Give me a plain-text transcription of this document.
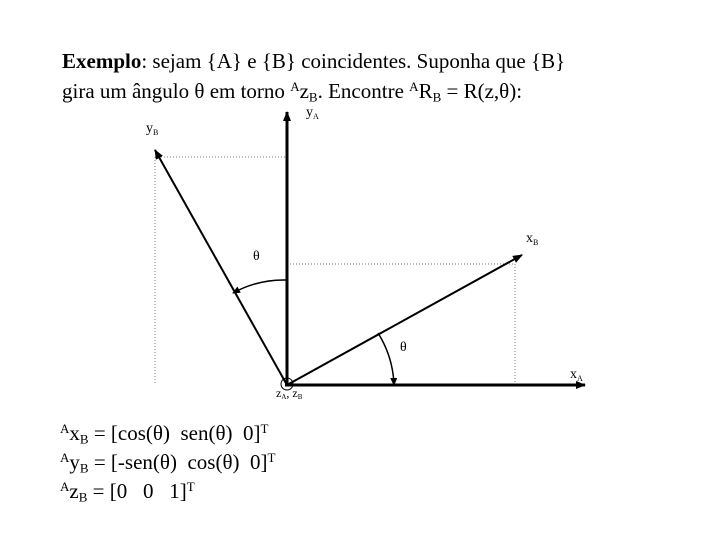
Exemplo: sejam {A} e {B} coincidentes. Suponha que {B}
gira um ângulo θ em torno $^Az_B$. Encontre $^AR_B = R(z,\theta)$:
$y_A$
$y_B$
$x_B$
$x_A$
θ
θ
zA, zB
$^Ax_B = [\cos(\theta)$  sen(θ)  0]$^T$
$^Ay_B = [-sen(\theta)$  cos(θ)  0]$^T$
$^Az_B = [0$   0   1]$^T$
